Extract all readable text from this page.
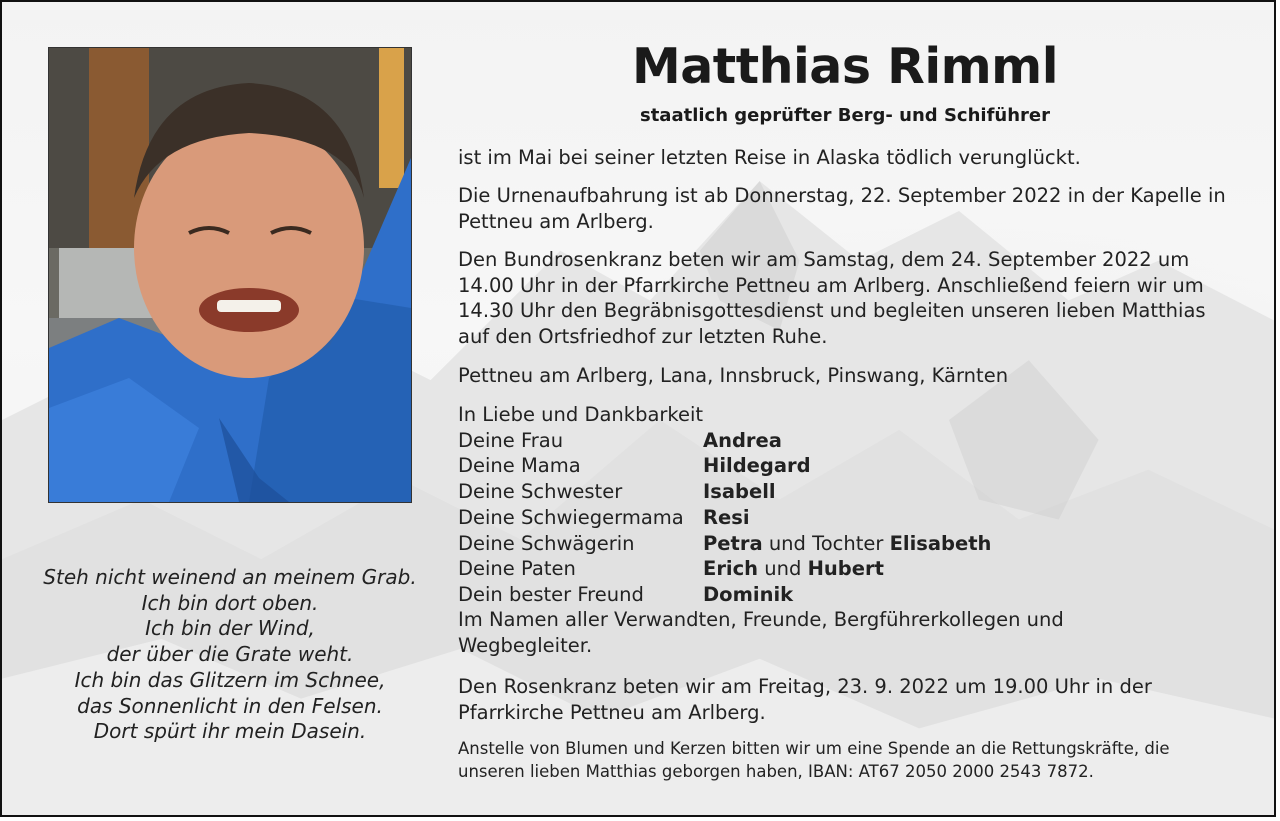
Steh nicht weinend an meinem Grab.
Ich bin dort oben.
Ich bin der Wind,
der über die Grate weht.
Ich bin das Glitzern im Schnee,
das Sonnenlicht in den Felsen.
Dort spürt ihr mein Dasein.
Matthias Rimml
staatlich geprüfter Berg- und Schiführer
ist im Mai bei seiner letzten Reise in Alaska tödlich verunglückt.
Die Urnenaufbahrung ist ab Donnerstag, 22. September 2022 in der Kapelle in Pettneu am Arlberg.
Den Bundrosenkranz beten wir am Samstag, dem 24. September 2022 um 14.00 Uhr in der Pfarrkirche Pettneu am Arlberg. Anschließend feiern wir um 14.30 Uhr den Begräbnisgottesdienst und begleiten unseren lieben Matthias auf den Ortsfriedhof zur letzten Ruhe.
Pettneu am Arlberg, Lana, Innsbruck, Pinswang, Kärnten
In Liebe und Dankbarkeit
Deine Frau	Andrea
Deine Mama	Hildegard
Deine Schwester	Isabell
Deine Schwiegermama Resi
Deine Schwägerin	Petra und Tochter Elisabeth
Deine Paten	Erich und Hubert
Dein bester Freund	Dominik
Im Namen aller Verwandten, Freunde, Bergführerkollegen und Wegbegleiter.
Den Rosenkranz beten wir am Freitag, 23. 9. 2022 um 19.00 Uhr in der Pfarrkirche Pettneu am Arlberg.
Anstelle von Blumen und Kerzen bitten wir um eine Spende an die Rettungskräfte, die unseren lieben Matthias geborgen haben, IBAN: AT67 2050 2000 2543 7872.
